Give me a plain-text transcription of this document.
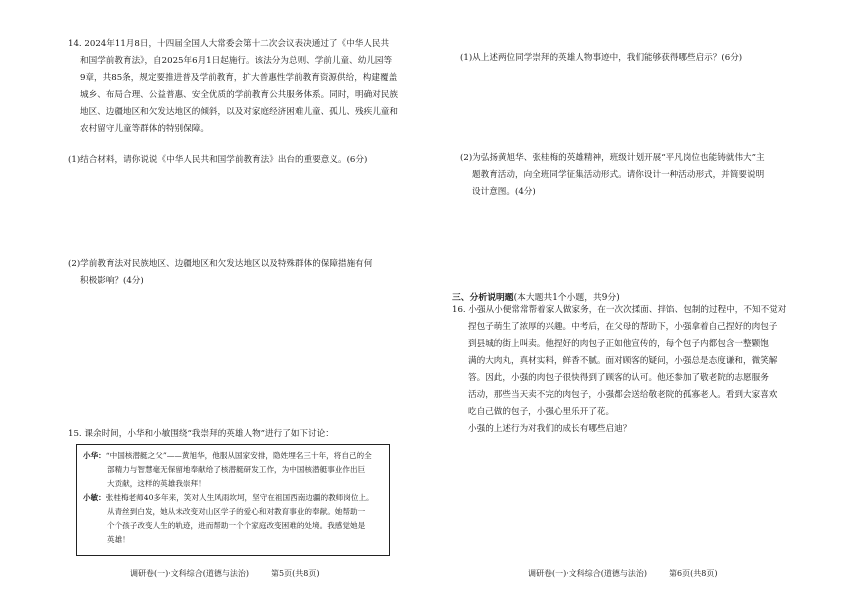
14. 2024年11月8日，十四届全国人大常委会第十二次会议表决通过了《中华人民共

和国学前教育法》，自2025年6月1日起施行。该法分为总则、学前儿童、幼儿园等

9章，共85条，规定要推进普及学前教育，扩大普惠性学前教育资源供给，构建覆盖

城乡、布局合理、公益普惠、安全优质的学前教育公共服务体系。同时，明确对民族

地区、边疆地区和欠发达地区的倾斜，以及对家庭经济困难儿童、孤儿、残疾儿童和

农村留守儿童等群体的特别保障。

(1)结合材料，请你说说《中华人民共和国学前教育法》出台的重要意义。(6分)

(2)学前教育法对民族地区、边疆地区和欠发达地区以及特殊群体的保障措施有何

积极影响？(4分)

15. 课余时间，小华和小敏围绕“我崇拜的英雄人物”进行了如下讨论：

小华：“中国核潜艇之父”——黄旭华，他服从国家安排，隐姓埋名三十年，将自己的全
部精力与智慧毫无保留地奉献给了核潜艇研发工作，为中国核潜艇事业作出巨
大贡献，这样的英雄我崇拜！
小敏：张桂梅老师40多年来，笑对人生风雨坎坷，坚守在祖国西南边疆的教师岗位上。
从青丝到白发，她从未改变对山区学子的爱心和对教育事业的奉献。她帮助一
个个孩子改变人生的轨迹，进而帮助一个个家庭改变困难的处境。我感觉她是
英雄！
调研卷(一)·文科综合(道德与法治)	第5页(共8页)

(1)从上述两位同学崇拜的英雄人物事迹中，我们能够获得哪些启示？(6分)

(2)为弘扬黄旭华、张桂梅的英雄精神，班级计划开展“平凡岗位也能铸就伟大”主

题教育活动，向全班同学征集活动形式。请你设计一种活动形式，并简要说明

设计意图。(4分)

三、分析说明题(本大题共1个小题，共9分)

16. 小强从小便常常帮着家人做家务，在一次次揉面、拌馅、包制的过程中，不知不觉对

捏包子萌生了浓厚的兴趣。中考后，在父母的帮助下，小强拿着自己捏好的肉包子

到县城的街上叫卖。他捏好的肉包子正如他宣传的，每个包子内都包含一整颗饱

满的大肉丸，真材实料，鲜香不腻。面对顾客的疑问，小强总是态度谦和，微笑解

答。因此，小强的肉包子很快得到了顾客的认可。他还参加了敬老院的志愿服务

活动，那些当天卖不完的肉包子，小强都会送给敬老院的孤寡老人。看到大家喜欢

吃自己做的包子，小强心里乐开了花。

小强的上述行为对我们的成长有哪些启迪？

调研卷(一)·文科综合(道德与法治)	第6页(共8页)
